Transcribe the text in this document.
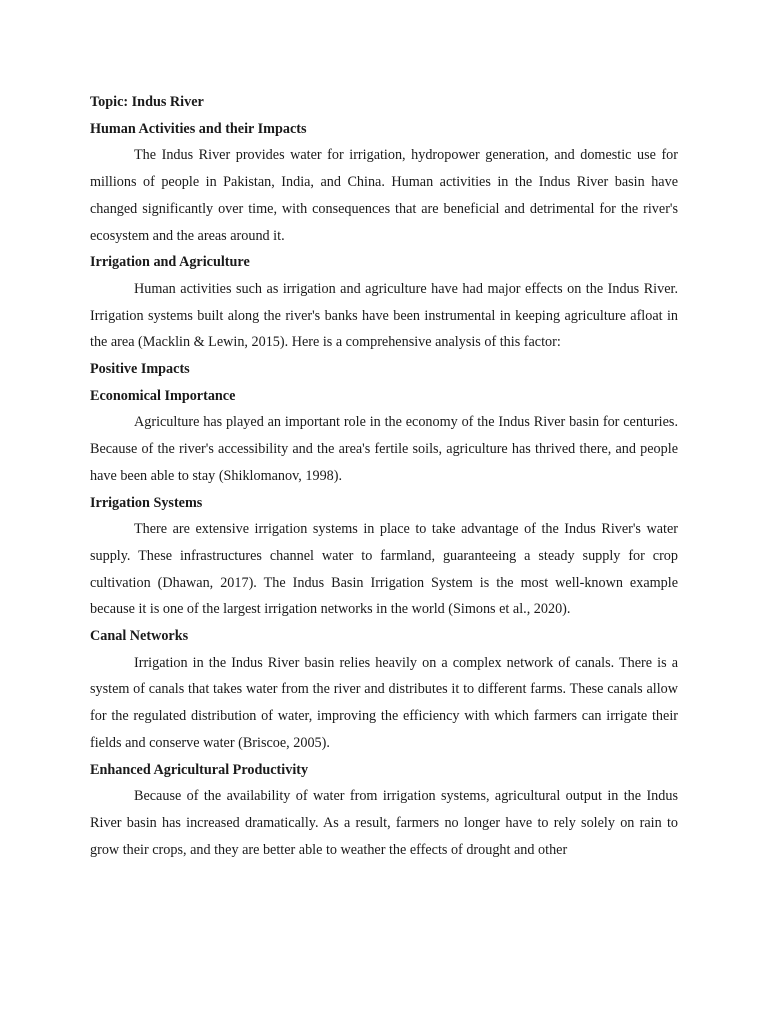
Topic: Indus River

Human Activities and their Impacts

The Indus River provides water for irrigation, hydropower generation, and domestic use for millions of people in Pakistan, India, and China. Human activities in the Indus River basin have changed significantly over time, with consequences that are beneficial and detrimental for the river's ecosystem and the areas around it.

Irrigation and Agriculture

Human activities such as irrigation and agriculture have had major effects on the Indus River. Irrigation systems built along the river's banks have been instrumental in keeping agriculture afloat in the area (Macklin & Lewin, 2015). Here is a comprehensive analysis of this factor:

Positive Impacts

Economical Importance

Agriculture has played an important role in the economy of the Indus River basin for centuries. Because of the river's accessibility and the area's fertile soils, agriculture has thrived there, and people have been able to stay (Shiklomanov, 1998).

Irrigation Systems

There are extensive irrigation systems in place to take advantage of the Indus River's water supply. These infrastructures channel water to farmland, guaranteeing a steady supply for crop cultivation (Dhawan, 2017). The Indus Basin Irrigation System is the most well-known example because it is one of the largest irrigation networks in the world (Simons et al., 2020).

Canal Networks

Irrigation in the Indus River basin relies heavily on a complex network of canals. There is a system of canals that takes water from the river and distributes it to different farms. These canals allow for the regulated distribution of water, improving the efficiency with which farmers can irrigate their fields and conserve water (Briscoe, 2005).

Enhanced Agricultural Productivity

Because of the availability of water from irrigation systems, agricultural output in the Indus River basin has increased dramatically. As a result, farmers no longer have to rely solely on rain to grow their crops, and they are better able to weather the effects of drought and other
